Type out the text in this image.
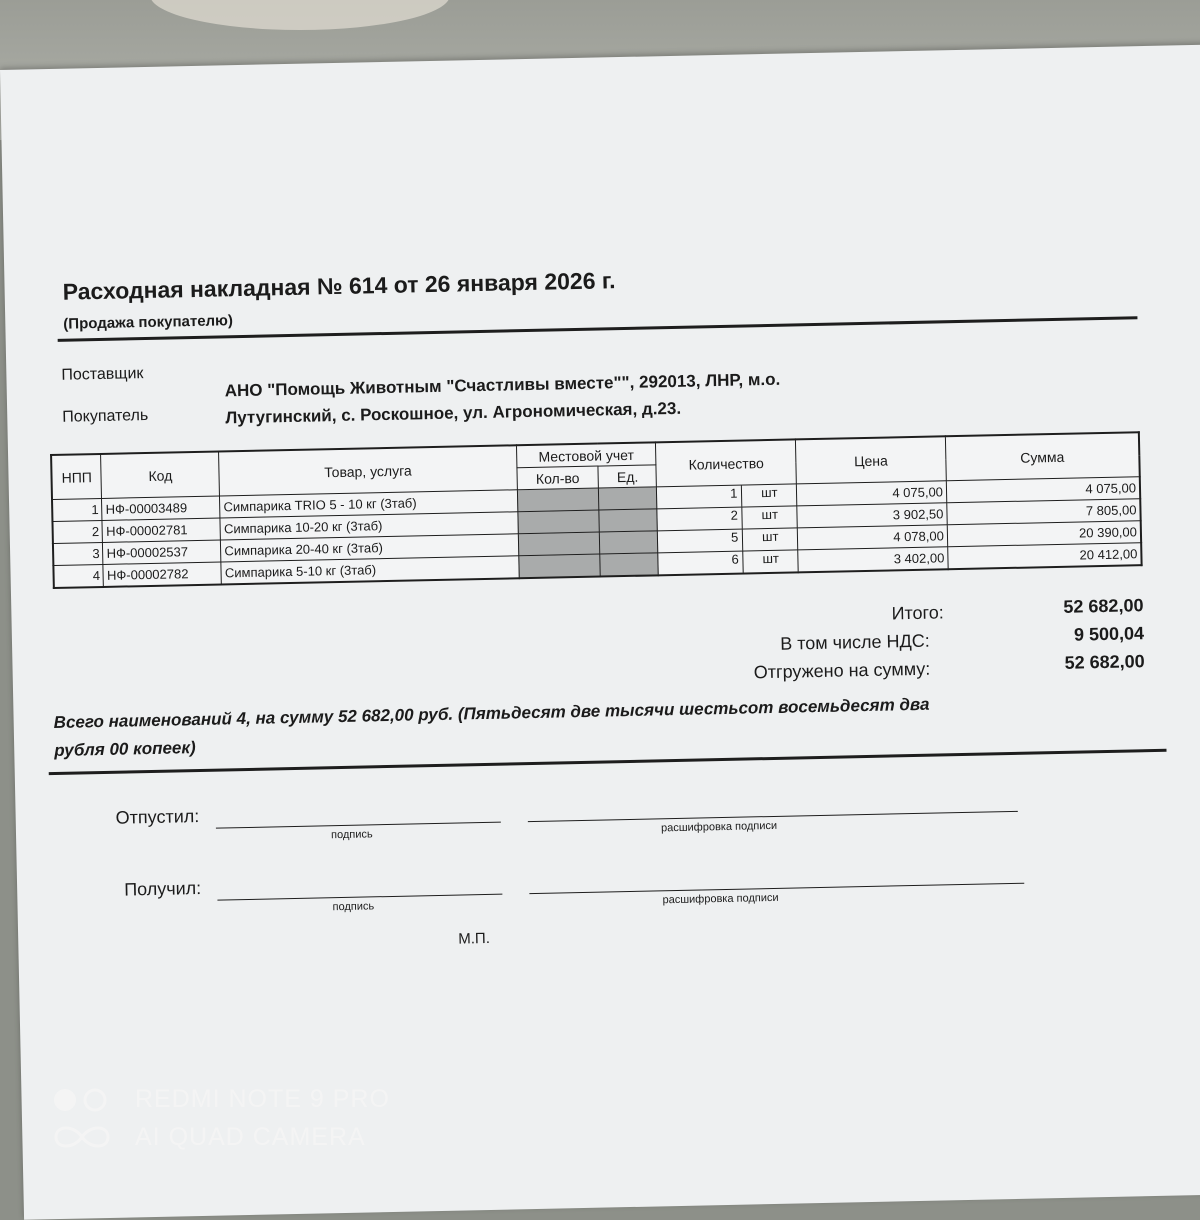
Расходная накладная № 614 от 26 января 2026 г.
(Продажа покупателю)
Поставщик
Покупатель
АНО "Помощь Животным "Счастливы вместе"", 292013, ЛНР, м.о.
Лутугинский, с. Роскошное, ул. Агрономическая, д.23.
НПП	Код	Товар, услуга	Местовой учет		Количество	Цена	Сумма
			Кол-во	Ед.			
1	НФ-00003489	Симпарика TRIO 5 - 10 кг (3таб)			1 шт	4 075,00	4 075,00
2	НФ-00002781	Симпарика 10-20 кг (3таб)			2 шт	3 902,50	7 805,00
3	НФ-00002537	Симпарика 20-40 кг (3таб)			5 шт	4 078,00	20 390,00
4	НФ-00002782	Симпарика 5-10 кг (3таб)			6 шт	3 402,00	20 412,00
Итого:	52 682,00
В том числе НДС:	9 500,04
Отгружено на сумму:	52 682,00
Всего наименований 4, на сумму 52 682,00 руб. (Пятьдесят две тысячи шестьсот восемьдесят два
рубля 00 копеек)
Отпустил:
подпись
расшифровка подписи
Получил:
подпись
расшифровка подписи
М.П.
REDMI NOTE 9 PRO
AI QUAD CAMERA
